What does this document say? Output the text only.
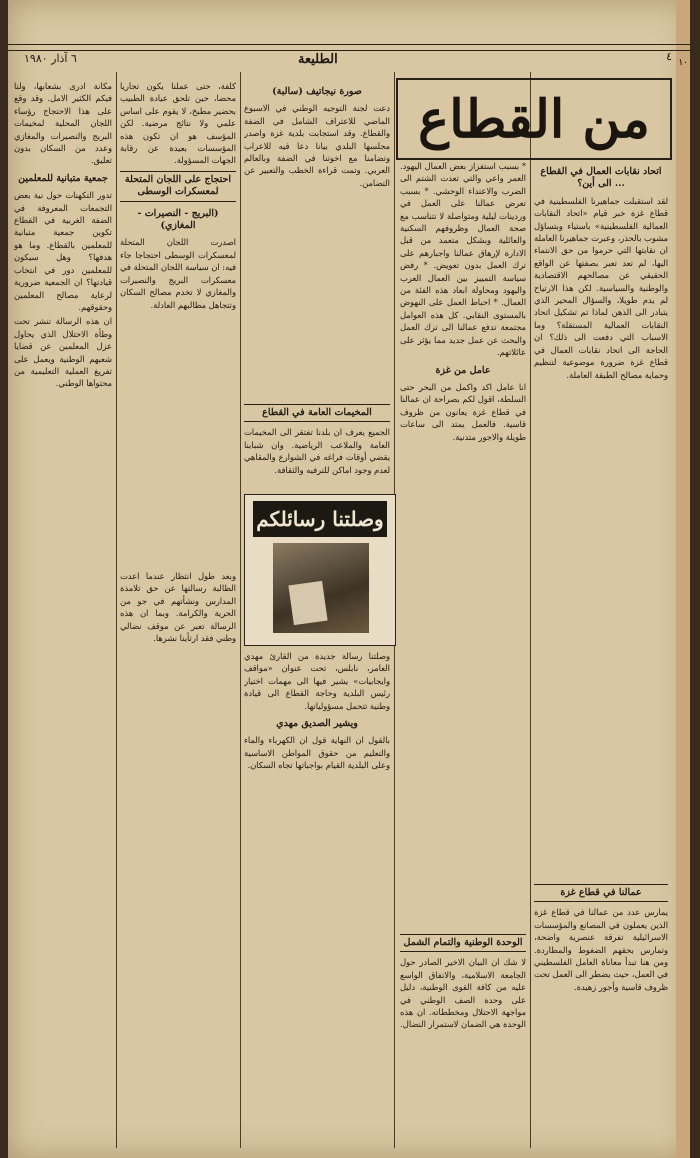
٤
الطليعة
٦ آذار ١٩٨٠	١٠
من القطاع
اتحاد نقابات العمال في القطاع ... الى أين؟

لقد استقبلت جماهيرنا الفلسطينية في قطاع غزة خبر قيام «اتحاد النقابات العمالية الفلسطينية» باستياء وبتساؤل مشوب بالحذر، وعبرت جماهيرنا العاملة ان نقابتها التي حرموا من حق الانتماء اليها، لم تعد تعبر بصفتها عن الواقع الحقيقي عن مصالحهم الاقتصادية والوطنية والسياسية. لكن هذا الارتياح لم يدم طويلا، والسؤال المحير الذي يتبادر الى الذهن لماذا تم تشكيل اتحاد النقابات العمالية المستقلة؟ وما الاسباب التي دفعت الى ذلك؟ ان الحاجة الى اتحاد نقابات العمال في قطاع غزة ضرورة موضوعية لتنظيم وحماية مصالح الطبقة العاملة.

عمالنا في قطاع غزة

يمارس عدد من عمالنا في قطاع غزة الذين يعملون في المصانع والمؤسسات الاسرائيلية تفرقة عنصرية واضحة، وتمارس بحقهم الضغوط والمطاردة. ومن هنا تبدأ معاناة العامل الفلسطيني في العمل، حيث يضطر الى العمل تحت ظروف قاسية وأجور زهيدة.

* بسبب استفزاز بعض العمال اليهود. العمر واعي والتي تعدت الشتم الى الضرب والاعتداء الوحشي. * بسبب تعرض عمالنا على العمل في وردينات ليلية ومتواصلة لا تتناسب مع صحة العمال وظروفهم السكنية والعائلية وبشكل متعمد من قبل الادارة لإرهاق عمالنا واجبارهم على ترك العمل بدون تعويض. * رفض سياسة التمييز بين العمال العرب واليهود ومحاولة ابعاد هذه الفئة من العمال. * احباط العمل على النهوض بالمستوى النقابي. كل هذه العوامل مجتمعة تدفع عمالنا الى ترك العمل والبحث عن عمل جديد مما يؤثر على عائلاتهم.

عامل من غزة

انا عامل اكد واكمل من البحر حتى السلطة، اقول لكم بصراحة ان عمالنا في قطاع غزة يعانون من ظروف قاسية. فالعمل يمتد الى ساعات طويلة والاجور متدنية.

الوحدة الوطنية والتمام الشمل

لا شك ان البيان الاخير الصادر حول الجامعة الاسلامية، والاتفاق الواسع عليه من كافة القوى الوطنية، دليل على وحدة الصف الوطني في مواجهة الاحتلال ومخططاته. ان هذه الوحدة هي الضمان لاستمرار النضال.

صورة نيجاتيف (سالبة)

دعت لجنة التوجيه الوطني في الاسبوع الماضي للاعتراف الشامل في الضفة والقطاع. وقد استجابت بلدية غزة واصدر مجلسها البلدي بيانا دعا فيه للاعراب وتضامنا مع اخوتنا في الضفة وبالعالم العربي. وتمت قراءة الخطب والتعبير عن التضامن.

المخيمات العامة في القطاع

الجميع يعرف ان بلدنا تفتقر الى المخيمات العامة والملاعب الرياضية. وان شبابنا يقضي أوقات فراغه في الشوارع والمقاهي لعدم وجود اماكن للترفيه والثقافة.

وصلتنا رسائلكم

وصلتنا رسالة جديدة من القارئ مهدي العامر، نابلس، تحت عنوان «مواقف وايجابيات» يشير فيها الى مهمات اختيار رئيس البلدية وحاجة القطاع الى قيادة وطنية تتحمل مسؤولياتها.

ويشير الصديق مهدي

بالقول ان النهاية قول ان الكهرباء والماء والتعليم من حقوق المواطن الاساسية وعلى البلدية القيام بواجباتها تجاه السكان.

كلفة، حتى عملنا يكون تجاريا محضا، حين تلحق عيادة الطبيب بحضير مطبخ، لا يقوم على اساس علمي ولا نتائج مرضية. لكن المؤسف هو ان تكون هذه المؤسسات بعيدة عن رقابة الجهات المسؤولة.

احتجاج على اللجان المتحلة لمعسكرات الوسطى
(البريج - النصيرات - المغازي)

اصدرت اللجان المتحلة لمعسكرات الوسطى احتجاجا جاء فيه: ان سياسة اللجان المتحلة في معسكرات البريج والنصيرات والمغازي لا تخدم مصالح السكان وتتجاهل مطالبهم العادلة.

وبعد طول انتظار عندما اعدت الطالبة رسالتها عن حق تلامذة المدارس ونشأتهم في جو من الحرية والكرامة. وبما ان هذه الرسالة تعبر عن موقف نضالي وطني فقد ارتأينا نشرها.

مكانة ادرى بشعابها، ولنا فيكم الكثير الامل. وقد وقع على هذا الاحتجاج رؤساء اللجان المحلية لمخيمات البريج والنصيرات والمغازي وعدد من السكان بدون تعليق.

جمعية متبانية للمعلمين

تدور التكهنات حول نية بعض التجمعات المعروفة في الضفة الغربية في القطاع تكوين جمعية متبانية للمعلمين بالقطاع. وما هو هدفها؟ وهل سيكون للمعلمين دور في انتخاب قيادتها؟ ان الجمعية ضرورية لرعاية مصالح المعلمين وحقوقهم.

ان هذه الرسالة تنشر تحت وطأة الاحتلال الذي يحاول عزل المعلمين عن قضايا شعبهم الوطنية ويعمل على تفريغ العملية التعليمية من محتواها الوطني.
